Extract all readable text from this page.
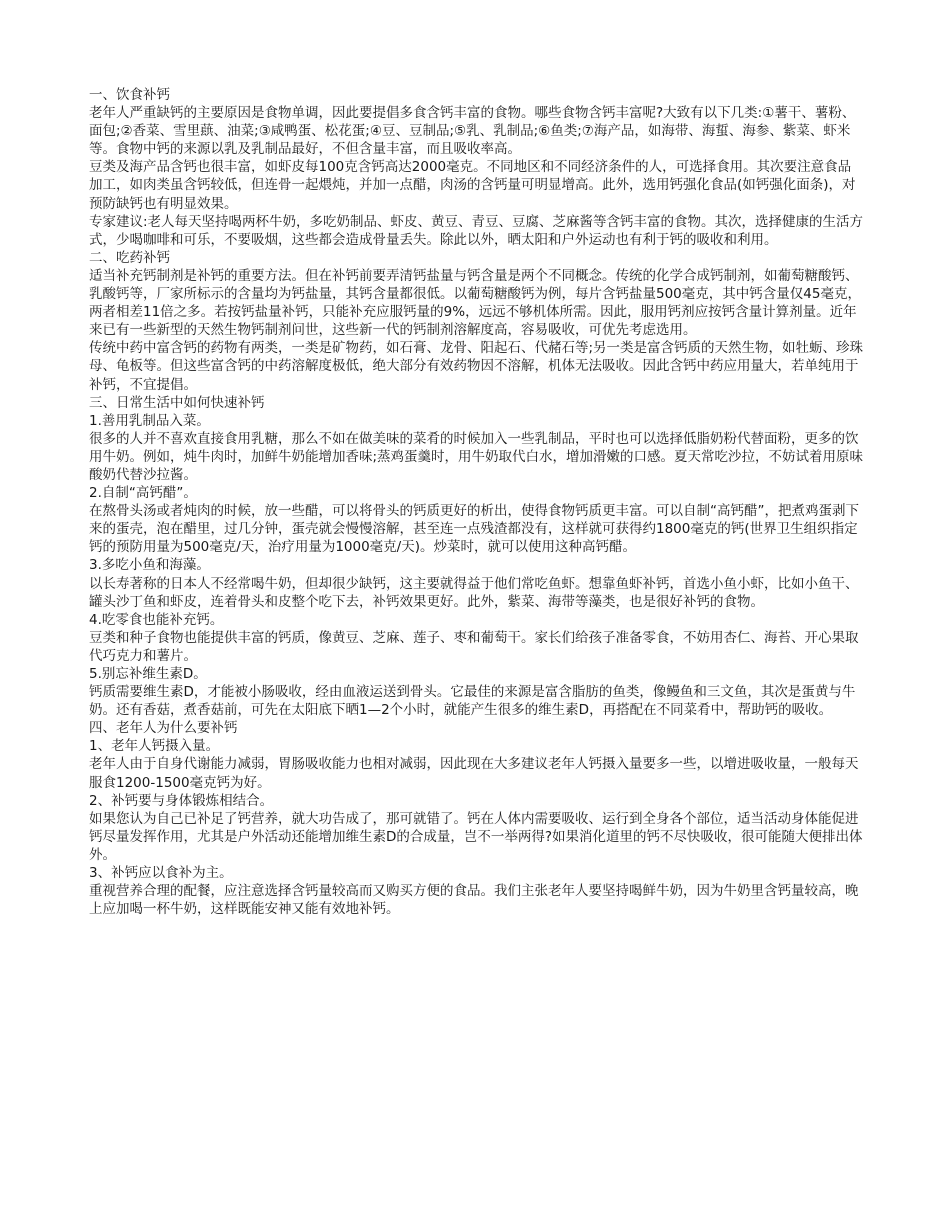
一、饮食补钙

老年人严重缺钙的主要原因是食物单调，因此要提倡多食含钙丰富的食物。哪些食物含钙丰富呢?大致有以下几类:①薯干、薯粉、面包;②香菜、雪里蕻、油菜;③咸鸭蛋、松花蛋;④豆、豆制品;⑤乳、乳制品;⑥鱼类;⑦海产品，如海带、海蜇、海参、紫菜、虾米等。食物中钙的来源以乳及乳制品最好，不但含量丰富，而且吸收率高。

豆类及海产品含钙也很丰富，如虾皮每100克含钙高达2000毫克。不同地区和不同经济条件的人，可选择食用。其次要注意食品加工，如肉类虽含钙较低，但连骨一起煨炖，并加一点醋，肉汤的含钙量可明显增高。此外，选用钙强化食品(如钙强化面条)，对预防缺钙也有明显效果。

专家建议:老人每天坚持喝两杯牛奶，多吃奶制品、虾皮、黄豆、青豆、豆腐、芝麻酱等含钙丰富的食物。其次，选择健康的生活方式，少喝咖啡和可乐，不要吸烟，这些都会造成骨量丢失。除此以外，晒太阳和户外运动也有利于钙的吸收和利用。

二、吃药补钙

适当补充钙制剂是补钙的重要方法。但在补钙前要弄清钙盐量与钙含量是两个不同概念。传统的化学合成钙制剂，如葡萄糖酸钙、乳酸钙等，厂家所标示的含量均为钙盐量，其钙含量都很低。以葡萄糖酸钙为例，每片含钙盐量500毫克，其中钙含量仅45毫克，两者相差11倍之多。若按钙盐量补钙，只能补充应服钙量的9%，远远不够机体所需。因此，服用钙剂应按钙含量计算剂量。近年来已有一些新型的天然生物钙制剂问世，这些新一代的钙制剂溶解度高，容易吸收，可优先考虑选用。

传统中药中富含钙的药物有两类，一类是矿物药，如石膏、龙骨、阳起石、代赭石等;另一类是富含钙质的天然生物，如牡蛎、珍珠母、龟板等。但这些富含钙的中药溶解度极低，绝大部分有效药物因不溶解，机体无法吸收。因此含钙中药应用量大，若单纯用于补钙，不宜提倡。

三、日常生活中如何快速补钙

1.善用乳制品入菜。

很多的人并不喜欢直接食用乳糖，那么不如在做美味的菜肴的时候加入一些乳制品，平时也可以选择低脂奶粉代替面粉，更多的饮用牛奶。例如，炖牛肉时，加鲜牛奶能增加香味;蒸鸡蛋羹时，用牛奶取代白水，增加滑嫩的口感。夏天常吃沙拉，不妨试着用原味酸奶代替沙拉酱。

2.自制“高钙醋”。

在熬骨头汤或者炖肉的时候，放一些醋，可以将骨头的钙质更好的析出，使得食物钙质更丰富。可以自制“高钙醋”，把煮鸡蛋剥下来的蛋壳，泡在醋里，过几分钟，蛋壳就会慢慢溶解，甚至连一点残渣都没有，这样就可获得约1800毫克的钙(世界卫生组织指定钙的预防用量为500毫克/天，治疗用量为1000毫克/天)。炒菜时，就可以使用这种高钙醋。

3.多吃小鱼和海藻。

以长寿著称的日本人不经常喝牛奶，但却很少缺钙，这主要就得益于他们常吃鱼虾。想靠鱼虾补钙，首选小鱼小虾，比如小鱼干、罐头沙丁鱼和虾皮，连着骨头和皮整个吃下去，补钙效果更好。此外，紫菜、海带等藻类，也是很好补钙的食物。

4.吃零食也能补充钙。

豆类和种子食物也能提供丰富的钙质，像黄豆、芝麻、莲子、枣和葡萄干。家长们给孩子准备零食，不妨用杏仁、海苔、开心果取代巧克力和薯片。

5.别忘补维生素D。

钙质需要维生素D，才能被小肠吸收，经由血液运送到骨头。它最佳的来源是富含脂肪的鱼类，像鳗鱼和三文鱼，其次是蛋黄与牛奶。还有香菇，煮香菇前，可先在太阳底下晒1—2个小时，就能产生很多的维生素D，再搭配在不同菜肴中，帮助钙的吸收。

四、老年人为什么要补钙

1、老年人钙摄入量。

老年人由于自身代谢能力减弱，胃肠吸收能力也相对减弱，因此现在大多建议老年人钙摄入量要多一些，以增进吸收量，一般每天服食1200-1500毫克钙为好。

2、补钙要与身体锻炼相结合。

如果您认为自己已补足了钙营养，就大功告成了，那可就错了。钙在人体内需要吸收、运行到全身各个部位，适当活动身体能促进钙尽量发挥作用，尤其是户外活动还能增加维生素D的合成量，岂不一举两得?如果消化道里的钙不尽快吸收，很可能随大便排出体外。

3、补钙应以食补为主。

重视营养合理的配餐，应注意选择含钙量较高而又购买方便的食品。我们主张老年人要坚持喝鲜牛奶，因为牛奶里含钙量较高，晚上应加喝一杯牛奶，这样既能安神又能有效地补钙。
